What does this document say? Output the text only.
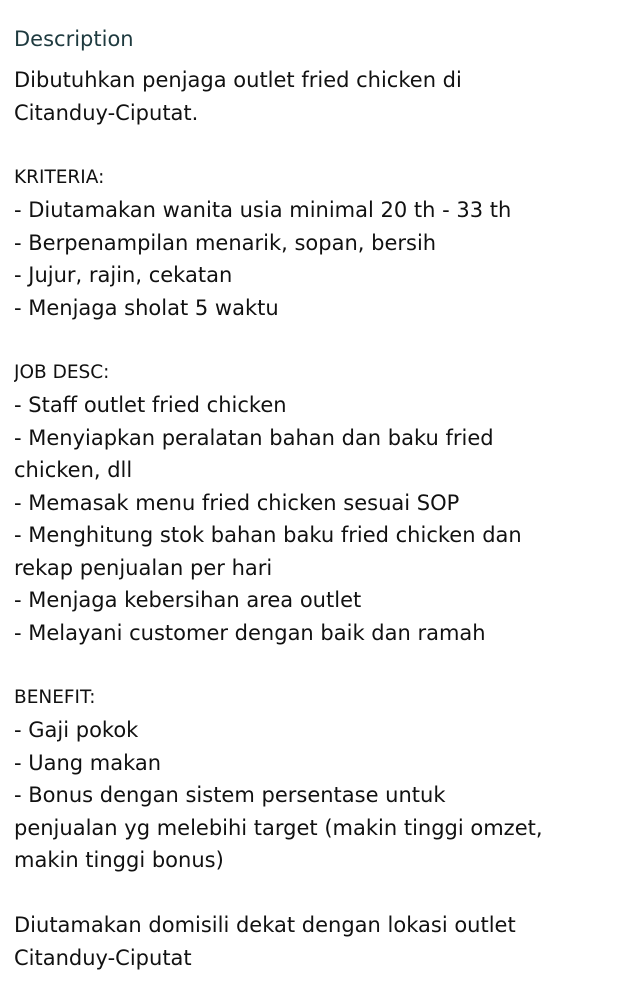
Description
Dibutuhkan penjaga outlet fried chicken di
Citanduy-Ciputat.
KRITERIA:
- Diutamakan wanita usia minimal 20 th - 33 th
- Berpenampilan menarik, sopan, bersih
- Jujur, rajin, cekatan
- Menjaga sholat 5 waktu
JOB DESC:
- Staff outlet fried chicken
- Menyiapkan peralatan bahan dan baku fried
chicken, dll
- Memasak menu fried chicken sesuai SOP
- Menghitung stok bahan baku fried chicken dan
rekap penjualan per hari
- Menjaga kebersihan area outlet
- Melayani customer dengan baik dan ramah
BENEFIT:
- Gaji pokok
- Uang makan
- Bonus dengan sistem persentase untuk
penjualan yg melebihi target (makin tinggi omzet,
makin tinggi bonus)
Diutamakan domisili dekat dengan lokasi outlet
Citanduy-Ciputat
